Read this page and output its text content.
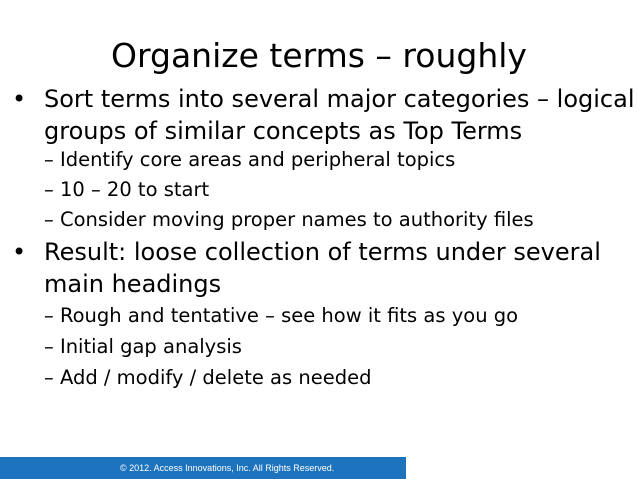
Organize terms – roughly
• Sort terms into several major categories – logical
groups of similar concepts as Top Terms
– Identify core areas and peripheral topics
– 10 – 20 to start
– Consider moving proper names to authority files
• Result: loose collection of terms under several
main headings
– Rough and tentative – see how it fits as you go
– Initial gap analysis
– Add / modify / delete as needed
© 2012. Access Innovations, Inc. All Rights Reserved.
